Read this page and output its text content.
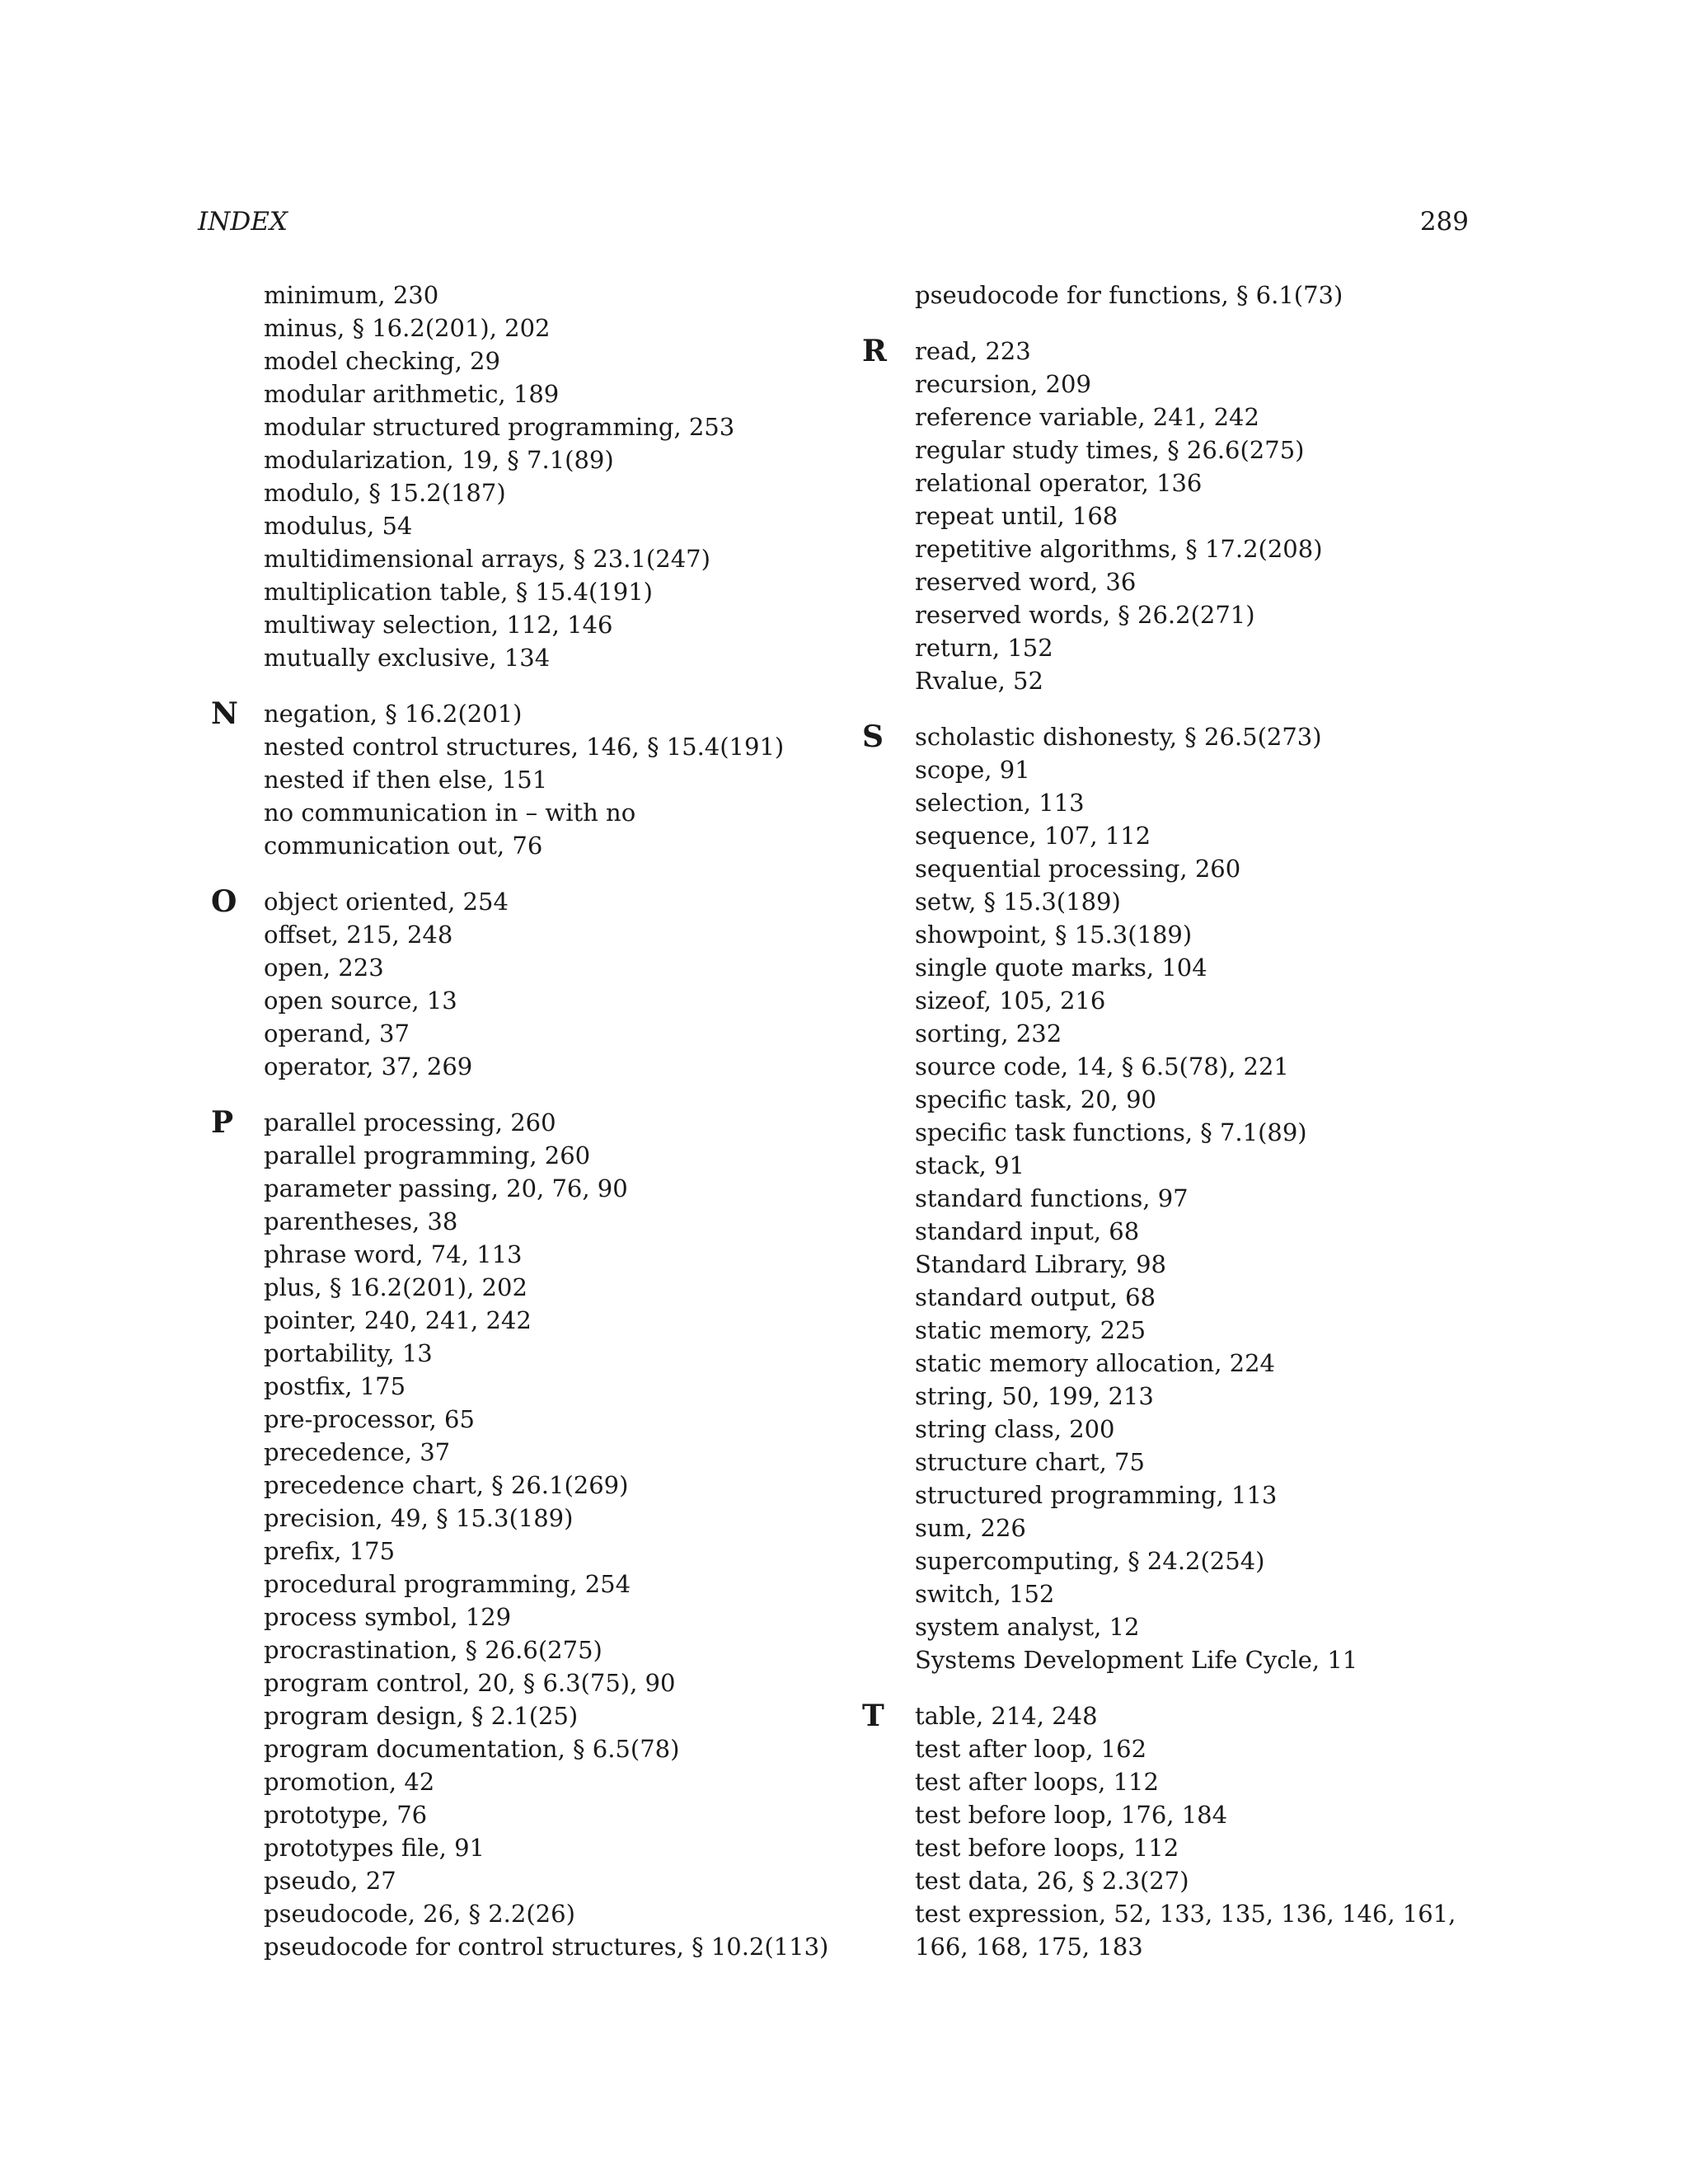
INDEX	289
minimum, 230
minus, § 16.2(201), 202
model checking, 29
modular arithmetic, 189
modular structured programming, 253
modularization, 19, § 7.1(89)
modulo, § 15.2(187)
modulus, 54
multidimensional arrays, § 23.1(247)
multiplication table, § 15.4(191)
multiway selection, 112, 146
mutually exclusive, 134
N	negation, § 16.2(201)
nested control structures, 146, § 15.4(191)
nested if then else, 151
no communication in – with no
communication out, 76
O	object oriented, 254
offset, 215, 248
open, 223
open source, 13
operand, 37
operator, 37, 269
P	parallel processing, 260
parallel programming, 260
parameter passing, 20, 76, 90
parentheses, 38
phrase word, 74, 113
plus, § 16.2(201), 202
pointer, 240, 241, 242
portability, 13
postfix, 175
pre-processor, 65
precedence, 37
precedence chart, § 26.1(269)
precision, 49, § 15.3(189)
prefix, 175
procedural programming, 254
process symbol, 129
procrastination, § 26.6(275)
program control, 20, § 6.3(75), 90
program design, § 2.1(25)
program documentation, § 6.5(78)
promotion, 42
prototype, 76
prototypes file, 91
pseudo, 27
pseudocode, 26, § 2.2(26)
pseudocode for control structures, § 10.2(113)
pseudocode for functions, § 6.1(73)
R	read, 223
recursion, 209
reference variable, 241, 242
regular study times, § 26.6(275)
relational operator, 136
repeat until, 168
repetitive algorithms, § 17.2(208)
reserved word, 36
reserved words, § 26.2(271)
return, 152
Rvalue, 52
S	scholastic dishonesty, § 26.5(273)
scope, 91
selection, 113
sequence, 107, 112
sequential processing, 260
setw, § 15.3(189)
showpoint, § 15.3(189)
single quote marks, 104
sizeof, 105, 216
sorting, 232
source code, 14, § 6.5(78), 221
specific task, 20, 90
specific task functions, § 7.1(89)
stack, 91
standard functions, 97
standard input, 68
Standard Library, 98
standard output, 68
static memory, 225
static memory allocation, 224
string, 50, 199, 213
string class, 200
structure chart, 75
structured programming, 113
sum, 226
supercomputing, § 24.2(254)
switch, 152
system analyst, 12
Systems Development Life Cycle, 11
T	table, 214, 248
test after loop, 162
test after loops, 112
test before loop, 176, 184
test before loops, 112
test data, 26, § 2.3(27)
test expression, 52, 133, 135, 136, 146, 161,
166, 168, 175, 183
